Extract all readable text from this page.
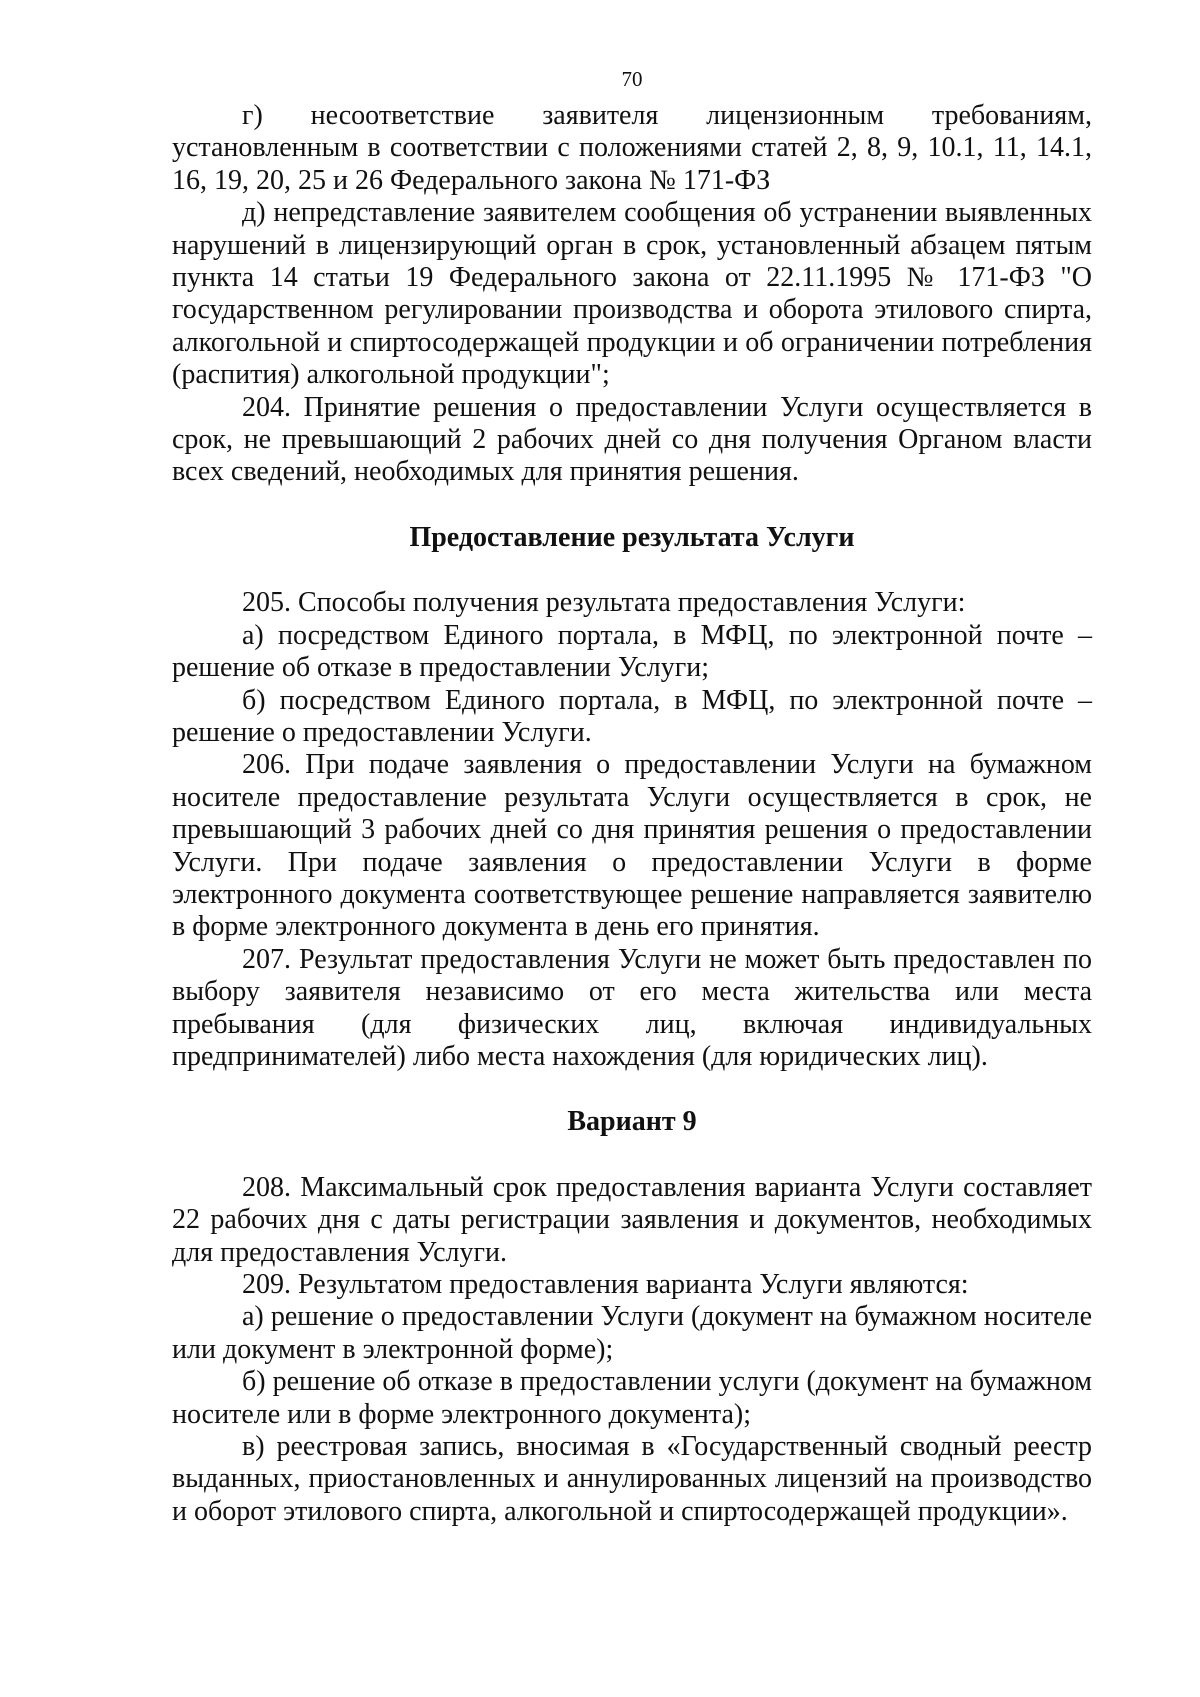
70

г) несоответствие заявителя лицензионным требованиям, установленным в соответствии с положениями статей 2, 8, 9, 10.1, 11, 14.1, 16, 19, 20, 25 и 26 Федерального закона № 171-ФЗ

д) непредставление заявителем сообщения об устранении выявленных нарушений в лицензирующий орган в срок, установленный абзацем пятым пункта 14 статьи 19 Федерального закона от 22.11.1995 № 171-ФЗ "О государственном регулировании производства и оборота этилового спирта, алкогольной и спиртосодержащей продукции и об ограничении потребления (распития) алкогольной продукции";

204. Принятие решения о предоставлении Услуги осуществляется в срок, не превышающий 2 рабочих дней со дня получения Органом власти всех сведений, необходимых для принятия решения.

Предоставление результата Услуги

205. Способы получения результата предоставления Услуги:

а) посредством Единого портала, в МФЦ, по электронной почте – решение об отказе в предоставлении Услуги;

б) посредством Единого портала, в МФЦ, по электронной почте – решение о предоставлении Услуги.

206. При подаче заявления о предоставлении Услуги на бумажном носителе предоставление результата Услуги осуществляется в срок, не превышающий 3 рабочих дней со дня принятия решения о предоставлении Услуги. При подаче заявления о предоставлении Услуги в форме электронного документа соответствующее решение направляется заявителю в форме электронного документа в день его принятия.

207. Результат предоставления Услуги не может быть предоставлен по выбору заявителя независимо от его места жительства или места пребывания (для физических лиц, включая индивидуальных предпринимателей) либо места нахождения (для юридических лиц).

Вариант 9

208. Максимальный срок предоставления варианта Услуги составляет 22 рабочих дня с даты регистрации заявления и документов, необходимых для предоставления Услуги.

209. Результатом предоставления варианта Услуги являются:

а) решение о предоставлении Услуги (документ на бумажном носителе или документ в электронной форме);

б) решение об отказе в предоставлении услуги (документ на бумажном носителе или в форме электронного документа);

в) реестровая запись, вносимая в «Государственный сводный реестр выданных, приостановленных и аннулированных лицензий на производство и оборот этилового спирта, алкогольной и спиртосодержащей продукции».
